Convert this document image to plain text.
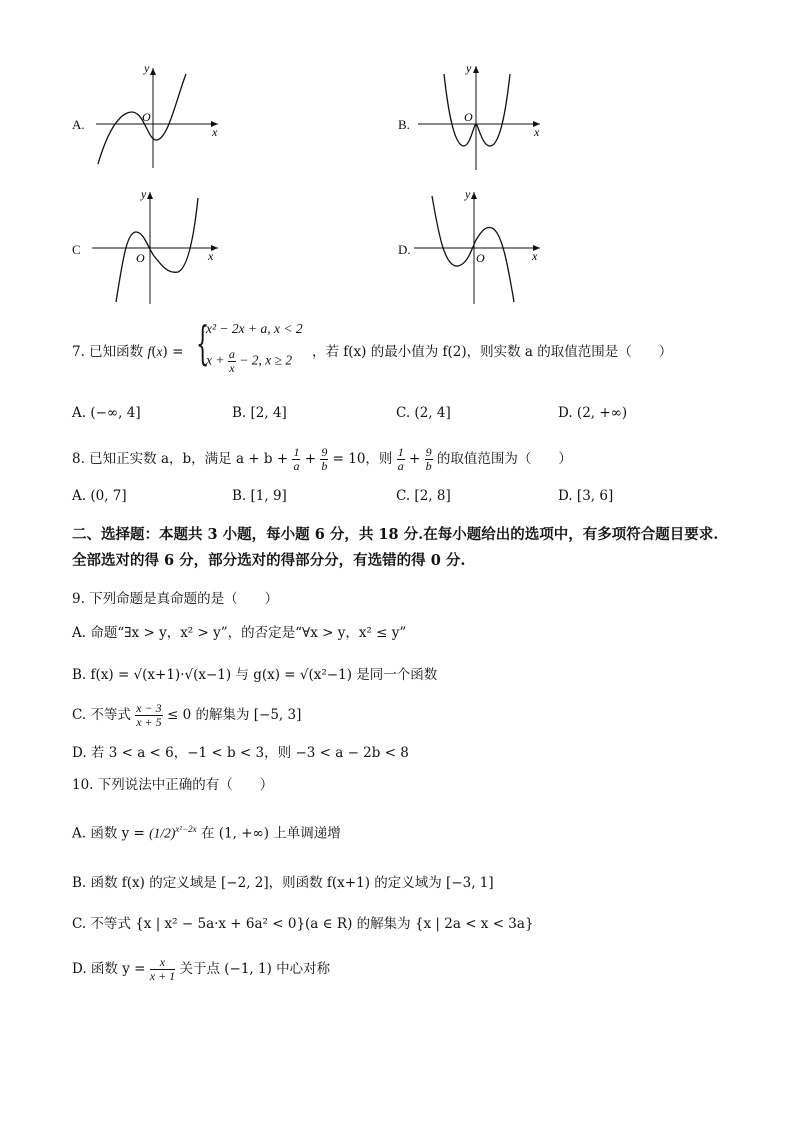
A.	O
x
y
B.	O
x
y
C
O	x
y
D.
O	x
y
7. 已知函数 f(x) = {
x² − 2x + a, x < 2
$x + \frac{a}{x} - 2$, x ≥ 2
，若 f(x) 的最小值为 f(2)，则实数 a 的取值范围是（　　）
A. (−∞, 4]	B. [2, 4]	C. (2, 4]	D. (2, +∞)
8. 已知正实数 a，b，满足 $a + b + \frac{1}{a} + \frac{9}{b} = 10$，则 $\frac{1}{a} + \frac{9}{b}$ 的取值范围为（　　）
A. (0, 7]	B. [1, 9]	C. [2, 8]	D. [3, 6]
二、选择题：本题共 3 小题，每小题 6 分，共 18 分.在每小题给出的选项中，有多项符合题目要求.全部选对的得 6 分，部分选对的得部分分，有选错的得 0 分.
9. 下列命题是真命题的是（　　）
A. 命题“∃x > y，x² > y”，的否定是“∀x > y，x² ≤ y”
B. f(x) = √(x+1)·√(x−1) 与 g(x) = √(x²−1) 是同一个函数
C. 不等式 $\frac{x - 3}{x + 5} \le 0$ 的解集为 [−5, 3]
D. 若 3 < a < 6，−1 < b < 3，则 −3 < a − 2b < 8
10. 下列说法中正确的有（　　）
A. 函数 $y = (1/2)^{x^2-2x}$ 在 (1, +∞) 上单调递增
B. 函数 f(x) 的定义域是 [−2, 2]，则函数 f(x+1) 的定义域为 [−3, 1]
C. 不等式 {x | x² − 5a·x + 6a² < 0}(a ∈ R) 的解集为 {x | 2a < x < 3a}
D. 函数 $y = \frac{x}{x + 1}$ 关于点 (−1, 1) 中心对称
